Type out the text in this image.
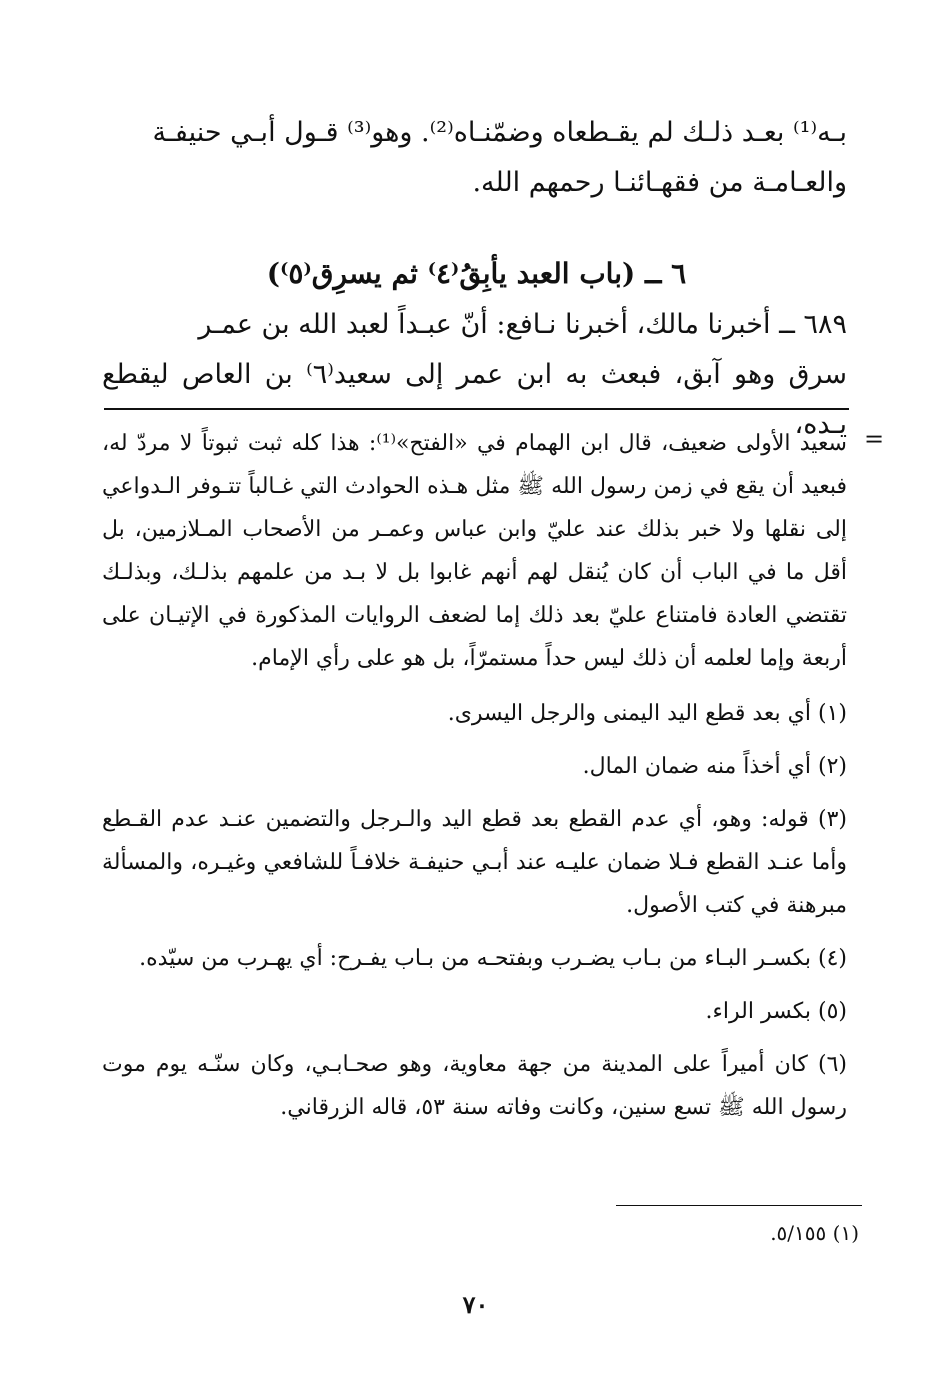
بـه⁽¹⁾ بعـد ذلـك لم يقـطعاه وضمّنـاه⁽²⁾. وهو⁽³⁾ قـول أبـي حنيفـة

والعـامـة من فقهـائنـا رحمهم الله.

٦ ــ (باب العبد يأبِقُ⁽٤⁾ ثم يسرِق⁽٥⁾)

٦٨٩ ــ أخبرنا مالك، أخبرنا نـافع: أنّ عبـداً لعبد الله بن عمـر

سرق وهو آبق، فبعث به ابن عمر إلى سعيد⁽٦⁾ بن العاص ليقطع يـده، =

سعيد الأولى ضعيف، قال ابن الهمام في «الفتح»⁽¹⁾: هذا كله ثبت ثبوتاً لا مردّ له، فبعيد أن يقع في زمن رسول الله ﷺ مثل هـذه الحوادث التي غـالباً تتـوفر الـدواعي إلى نقلها ولا خبر بذلك عند عليّ وابن عباس وعمـر من الأصحاب المـلازمين، بل أقل ما في الباب أن كان يُنقل لهم أنهم غابوا بل لا بـد من علمهم بذلـك، وبذلـك تقتضي العادة فامتناع عليّ بعد ذلك إما لضعف الروايات المذكورة في الإتيـان على أربعة وإما لعلمه أن ذلك ليس حداً مستمرّاً، بل هو على رأي الإمام.

(١) أي بعد قطع اليد اليمنى والرجل اليسرى.

(٢) أي أخذاً منه ضمان المال.

(٣) قوله: وهو، أي عدم القطع بعد قطع اليد والـرجل والتضمين عنـد عدم القـطع وأما عنـد القطع فـلا ضمان عليـه عند أبـي حنيفـة خلافـاً للشافعي وغيـره، والمسألة مبرهنة في كتب الأصول.

(٤) بكسـر البـاء من بـاب يضـرب وبفتحـه من بـاب يفـرح: أي يهـرب من سيّده.

(٥) بكسر الراء.

(٦) كان أميراً على المدينة من جهة معاوية، وهو صحـابـي، وكان سنّـه يوم موت رسول الله ﷺ تسع سنين، وكانت وفاته سنة ٥٣، قاله الزرقاني.

(١) ٥/١٥٥.
٧٠
